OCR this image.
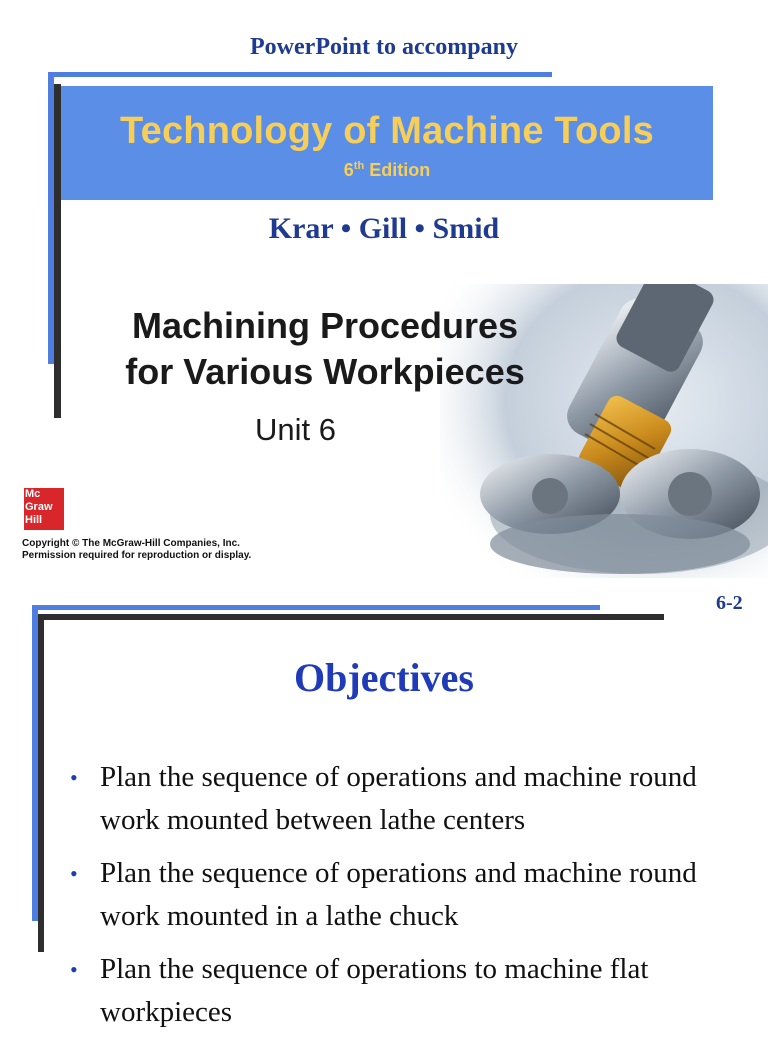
PowerPoint to accompany
Technology of Machine Tools
6th Edition
Krar • Gill • Smid
Machining Procedures
for Various Workpieces
Unit 6
Mc
Graw
Hill
Copyright © The McGraw-Hill Companies, Inc.
Permission required for reproduction or display.
6-2
Objectives
• Plan the sequence of operations and machine round work mounted between lathe centers
• Plan the sequence of operations and machine round work mounted in a lathe chuck
• Plan the sequence of operations to machine flat workpieces
